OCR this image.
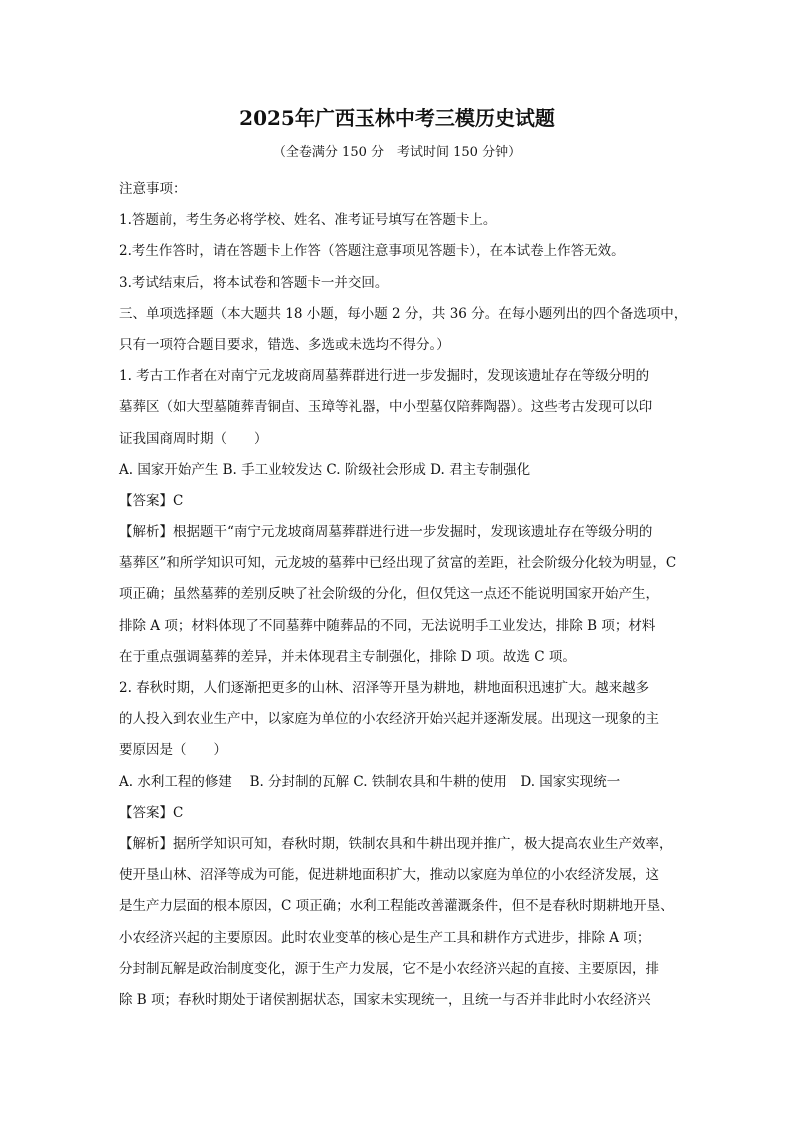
2025年广西玉林中考三模历史试题
（全卷满分 150 分　考试时间 150 分钟）
注意事项：
1.答题前，考生务必将学校、姓名、准考证号填写在答题卡上。
2.考生作答时，请在答题卡上作答（答题注意事项见答题卡），在本试卷上作答无效。
3.考试结束后，将本试卷和答题卡一并交回。
三、单项选择题（本大题共 18 小题，每小题 2 分，共 36 分。在每小题列出的四个备选项中，
只有一项符合题目要求，错选、多选或未选均不得分。）
1. 考古工作者在对南宁元龙坡商周墓葬群进行进一步发掘时，发现该遗址存在等级分明的
墓葬区（如大型墓随葬青铜卣、玉璋等礼器，中小型墓仅陪葬陶器）。这些考古发现可以印
证我国商周时期（　　）
A. 国家开始产生 B. 手工业较发达 C. 阶级社会形成 D. 君主专制强化
【答案】C
【解析】根据题干“南宁元龙坡商周墓葬群进行进一步发掘时，发现该遗址存在等级分明的
墓葬区”和所学知识可知，元龙坡的墓葬中已经出现了贫富的差距，社会阶级分化较为明显，C
项正确；虽然墓葬的差别反映了社会阶级的分化，但仅凭这一点还不能说明国家开始产生，
排除 A 项；材料体现了不同墓葬中随葬品的不同，无法说明手工业发达，排除 B 项；材料
在于重点强调墓葬的差异，并未体现君主专制强化，排除 D 项。故选 C 项。
2. 春秋时期，人们逐渐把更多的山林、沼泽等开垦为耕地，耕地面积迅速扩大。越来越多
的人投入到农业生产中，以家庭为单位的小农经济开始兴起并逐渐发展。出现这一现象的主
要原因是（　　）
A. 水利工程的修建　 B. 分封制的瓦解 C. 铁制农具和牛耕的使用　D. 国家实现统一
【答案】C
【解析】据所学知识可知，春秋时期，铁制农具和牛耕出现并推广，极大提高农业生产效率，
使开垦山林、沼泽等成为可能，促进耕地面积扩大，推动以家庭为单位的小农经济发展，这
是生产力层面的根本原因，C 项正确；水利工程能改善灌溉条件，但不是春秋时期耕地开垦、
小农经济兴起的主要原因。此时农业变革的核心是生产工具和耕作方式进步，排除 A 项；
分封制瓦解是政治制度变化，源于生产力发展，它不是小农经济兴起的直接、主要原因，排
除 B 项；春秋时期处于诸侯割据状态，国家未实现统一，且统一与否并非此时小农经济兴
